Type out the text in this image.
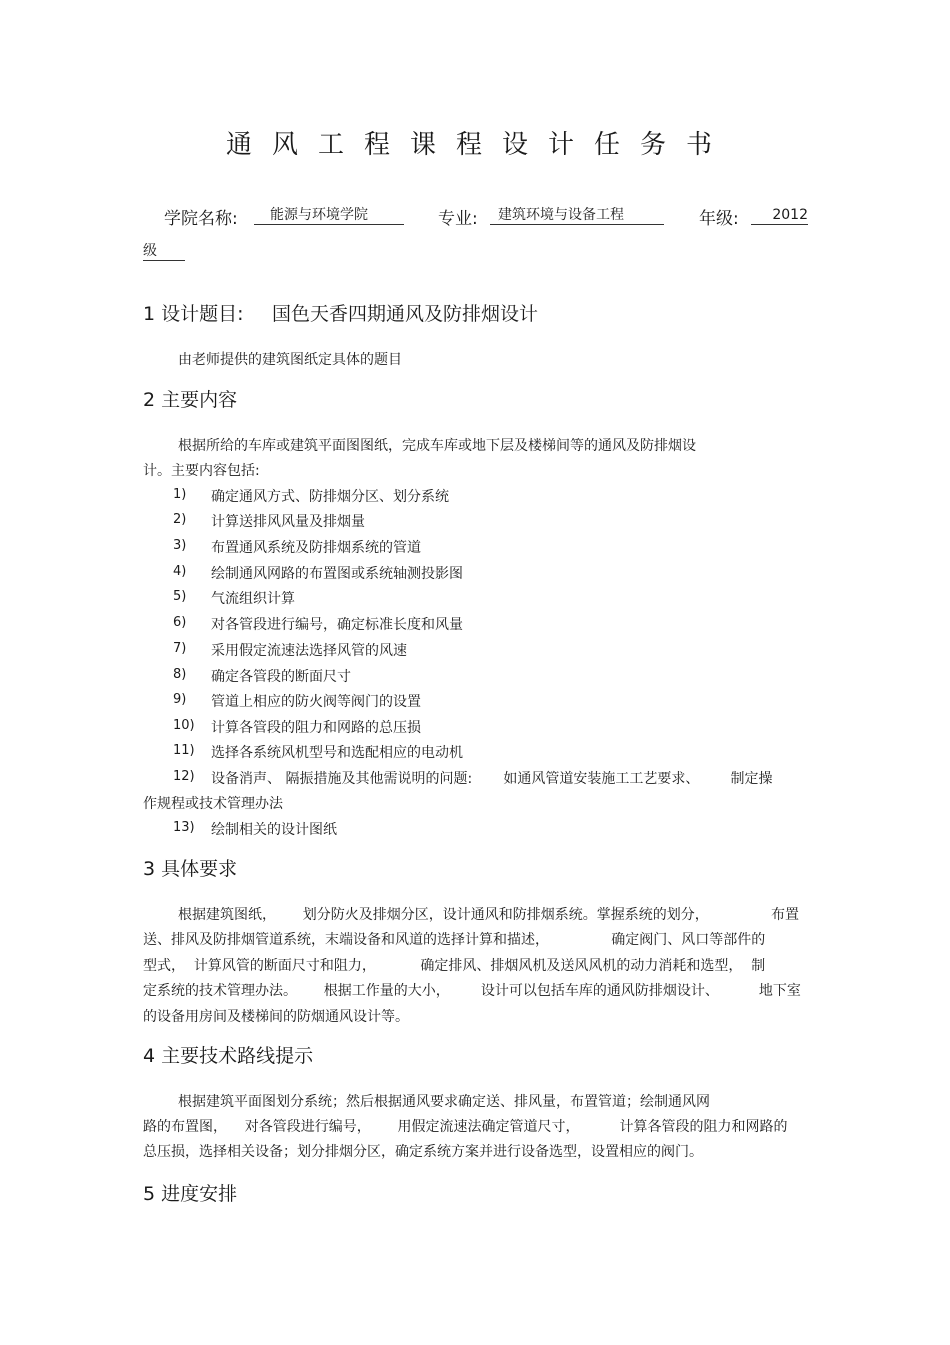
通风工程课程设计任务书
学院名称:	能源与环境学院	专业:	建筑环境与设备工程	年级:	2012
级
1 设计题目: 国色天香四期通风及防排烟设计
由老师提供的建筑图纸定具体的题目
2 主要内容
根据所给的车库或建筑平面图图纸，完成车库或地下层及楼梯间等的通风及防排烟设
计。主要内容包括:
1) 确定通风方式、防排烟分区、划分系统
2) 计算送排风风量及排烟量
3) 布置通风系统及防排烟系统的管道
4) 绘制通风网路的布置图或系统轴测投影图
5) 气流组织计算
6) 对各管段进行编号，确定标准长度和风量
7) 采用假定流速法选择风管的风速
8) 确定各管段的断面尺寸
9) 管道上相应的防火阀等阀门的设置
10) 计算各管段的阻力和网路的总压损
11) 选择各系统风机型号和选配相应的电动机
12) 设备消声、 隔振措施及其他需说明的问题:       如通风管道安装施工工艺要求、       制定操
作规程或技术管理办法
13) 绘制相关的设计图纸
3 具体要求
根据建筑图纸，      划分防火及排烟分区，设计通风和防排烟系统。掌握系统的划分，              布置
送、排风及防排烟管道系统，末端设备和风道的选择计算和描述，              确定阀门、风口等部件的
型式，  计算风管的断面尺寸和阻力，          确定排风、排烟风机及送风风机的动力消耗和选型，  制
定系统的技术管理办法。      根据工作量的大小，       设计可以包括车库的通风防排烟设计、         地下室
的设备用房间及楼梯间的防烟通风设计等。
4 主要技术路线提示
根据建筑平面图划分系统；然后根据通风要求确定送、排风量，布置管道；绘制通风网
路的布置图，    对各管段进行编号，      用假定流速法确定管道尺寸，         计算各管段的阻力和网路的
总压损，选择相关设备；划分排烟分区，确定系统方案并进行设备选型，设置相应的阀门。
5 进度安排
